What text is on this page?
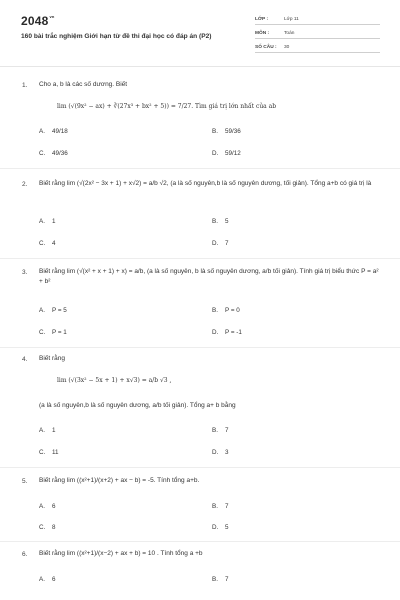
$2048^{vn}$
160 bài trắc nghiệm Giới hạn từ đề thi đại học có đáp án (P2)
LỚP :	Lớp 11
MÔN :	Toán
SỐ CÂU : 30
1. Cho a, b là các số dương. Biết
lim (√(9x² − ax) + ∛(27x³ + bx² + 5)) = 7/27. Tìm giá trị lớn nhất của ab
A. 49/18	B. 59/36
C. 49/36	D. 59/12
2. Biết rằng lim (√(2x² − 3x + 1) + x√2) = a/b √2, (a là số nguyên,b là số nguyên dương, tối giản). Tổng a+b có giá trị là
A. 1	B. 5
C. 4	D. 7
3. Biết rằng lim (√(x² + x + 1) + x) = a/b, (a là số nguyên, b là số nguyên dương, a/b tối giản). Tính giá trị biểu thức P = a² + b²
A. P = 5	B. P = 0
C. P = 1	D. P = -1
4. Biết rằng
lim (√(3x² − 5x + 1) + x√3) = a/b √3 ,
(a là số nguyên,b là số nguyên dương, a/b tối giản). Tổng a+ b bằng
A. 1	B. 7
C. 11	D. 3
5. Biết rằng lim ((x²+1)/(x+2) + ax − b) = -5. Tính tổng a+b.
A. 6	B. 7
C. 8	D. 5
6. Biết rằng lim ((x²+1)/(x−2) + ax + b) = 10 . Tính tổng a +b
A. 6	B. 7
